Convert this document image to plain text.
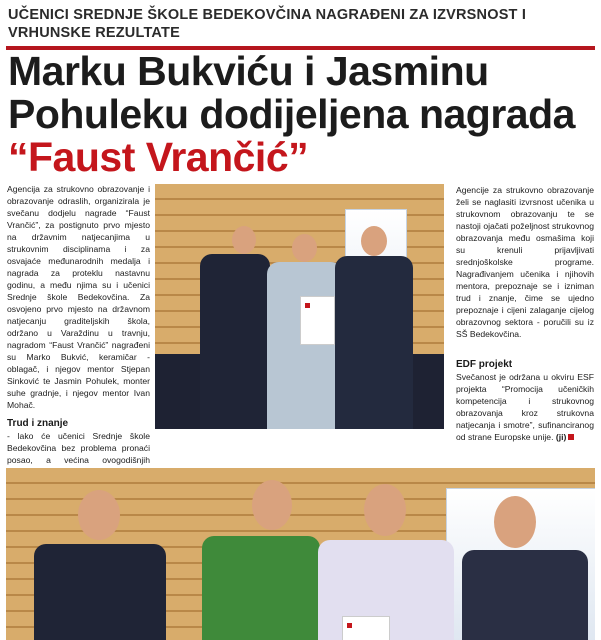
UČENICI SREDNJE ŠKOLE BEDEKOVČINA NAGRAĐENI ZA IZVRSNOST I VRHUNSKE REZULTATE
Marku Bukviću i Jasminu Pohuleku dodijeljena nagrada “Faust Vrančić”

Agencija za strukovno obrazovanje i obrazovanje odraslih, organizirala je svečanu dodjelu nagrade “Faust Vrančić”, za postignuto prvo mjesto na državnim natjecanjima u strukovnim disciplinama i za osvajaće međunarodnih medalja i nagrada za proteklu nastavnu godinu, a među njima su i učenici Srednje škole Bedekovčina. Za osvojeno prvo mjesto na državnom natjecanju graditeljskih škola, održano u Varaždinu u travnju, nagradom “Faust Vrančić” nagrađeni su Marko Bukvić, keramičar - oblagač, i njegov mentor Stjepan Sinković te Jasmin Pohulek, monter suhe gradnje, i njegov mentor Ivan Mohač.

Trud i znanje

- lako će učenici Srednje škole Bedekovčina bez problema pronaći posao, a većina ovogodišnjih

Agencije za strukovno obrazovanje želi se naglasiti izvrsnost učenika u strukovnom obrazovanju te se nastoji ojačati poželjnost strukovnog obrazovanja među osmašima koji su krenuli prijavljivati srednjoškolske programe. Nagrađivanjem učenika i njihovih mentora, prepoznaje se i izniman trud i znanje, čime se ujedno prepoznaje i cijeni zalaganje cijelog obrazovnog sektora - poručili su iz SŠ Bedekovčina.

EDF projekt

Svečanost je održana u okviru ESF projekta “Promocija učeničkih kompetencija i strukovnog obrazovanja kroz strukovna natjecanja i smotre”, sufinanciranog od strane Europske unije. (ji)
